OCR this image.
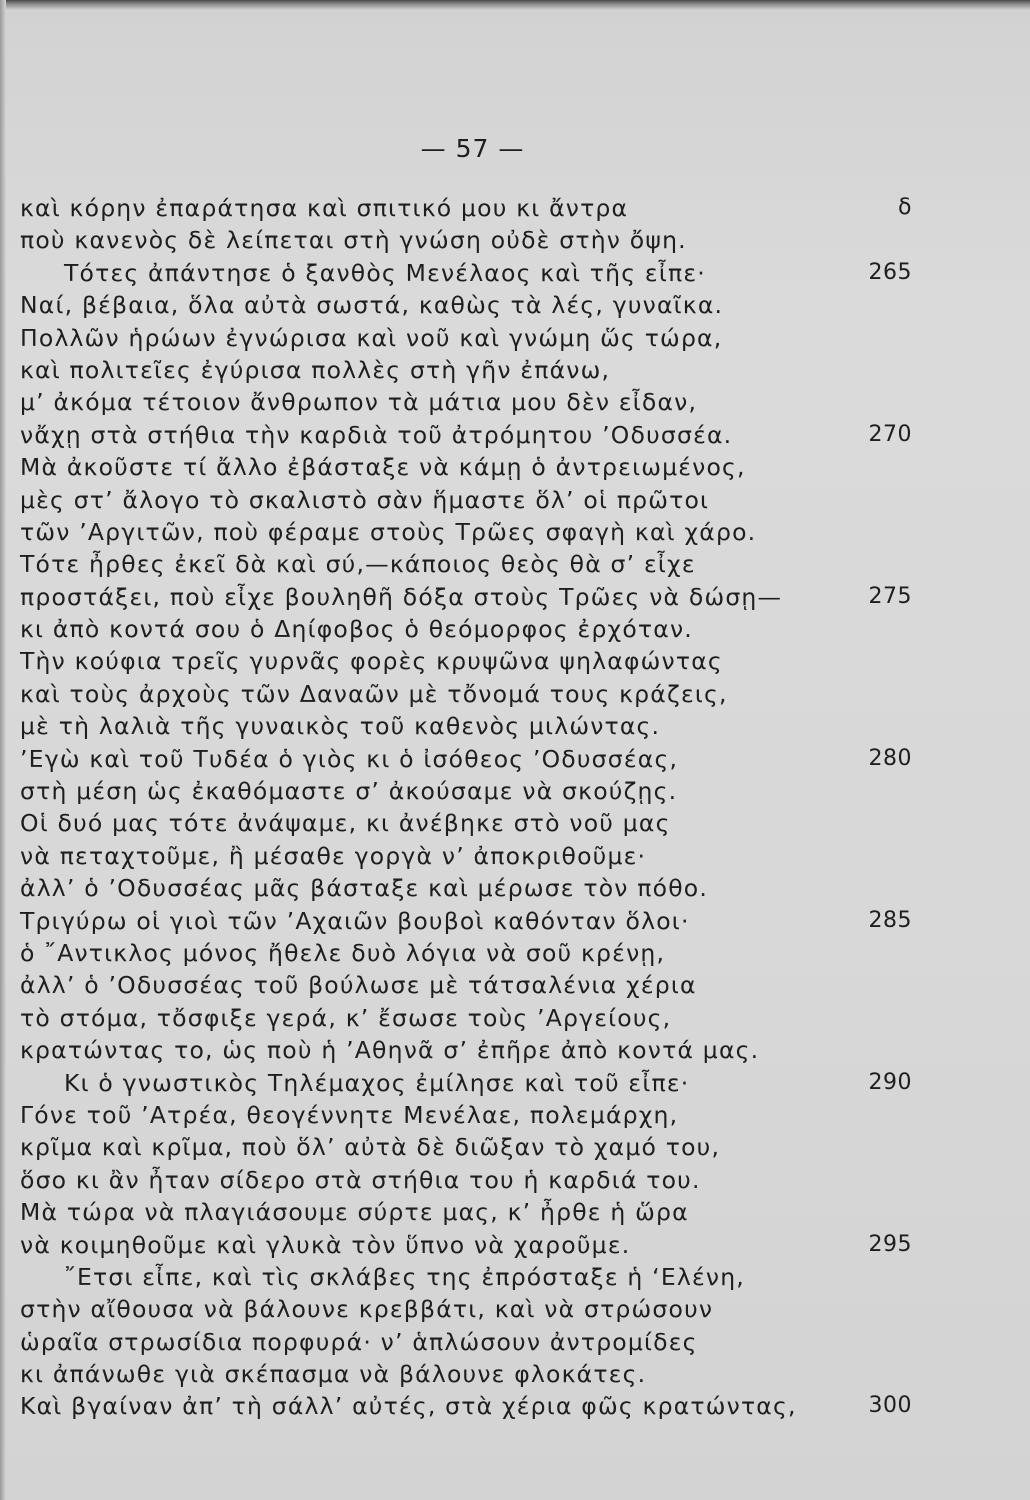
— 57 —
καὶ κόρην ἐπαράτησα καὶ σπιτικό μου κι ἄντρα	δ
ποὺ κανενὸς δὲ λείπεται στὴ γνώση οὐδὲ στὴν ὄψη.
Τότες ἀπάντησε ὁ ξανθὸς Μενέλαος καὶ τῆς εἶπε·	265
Ναί, βέβαια, ὅλα αὐτὰ σωστά, καθὼς τὰ λές, γυναῖκα.
Πολλῶν ἡρώων ἐγνώρισα καὶ νοῦ καὶ γνώμη ὥς τώρα,
καὶ πολιτεῖες ἐγύρισα πολλὲς στὴ γῆν ἐπάνω,
μ’ ἀκόμα τέτοιον ἄνθρωπον τὰ μάτια μου δὲν εἶδαν,
νἄχῃ στὰ στήθια τὴν καρδιὰ τοῦ ἀτρόμητου ’Οδυσσέα.	270
Μὰ ἀκοῦστε τί ἄλλο ἐβάσταξε νὰ κάμῃ ὁ ἀντρειωμένος,
μὲς στ’ ἄλογο τὸ σκαλιστὸ σὰν ἥμαστε ὅλ’ οἱ πρῶτοι
τῶν ’Αργιτῶν, ποὺ φέραμε στοὺς Τρῶες σφαγὴ καὶ χάρο.
Τότε ἦρθες ἐκεῖ δὰ καὶ σύ,—κάποιος θεὸς θὰ σ’ εἶχε
προστάξει, ποὺ εἶχε βουληθῆ δόξα στοὺς Τρῶες νὰ δώσῃ—	275
κι ἀπὸ κοντά σου ὁ Δηίφοβος ὁ θεόμορφος ἐρχόταν.
Τὴν κούφια τρεῖς γυρνᾶς φορὲς κρυψῶνα ψηλαφώντας
καὶ τοὺς ἀρχοὺς τῶν Δαναῶν μὲ τὄνομά τους κράζεις,
μὲ τὴ λαλιὰ τῆς γυναικὸς τοῦ καθενὸς μιλώντας.
’Εγὼ καὶ τοῦ Τυδέα ὁ γιὸς κι ὁ ἰσόθεος ’Οδυσσέας,	280
στὴ μέση ὡς ἐκαθόμαστε σ’ ἀκούσαμε νὰ σκούζῃς.
Οἱ δυό μας τότε ἀνάψαμε, κι ἀνέβηκε στὸ νοῦ μας
νὰ πεταχτοῦμε, ἢ μέσαθε γοργὰ ν’ ἀποκριθοῦμε·
ἀλλ’ ὁ ’Οδυσσέας μᾶς βάσταξε καὶ μέρωσε τὸν πόθο.
Τριγύρω οἱ γιοὶ τῶν ’Αχαιῶν βουβοὶ καθόνταν ὅλοι·	285
ὁ ῎Αντικλος μόνος ἤθελε δυὸ λόγια νὰ σοῦ κρένῃ,
ἀλλ’ ὁ ’Οδυσσέας τοῦ βούλωσε μὲ τάτσαλένια χέρια
τὸ στόμα, τὄσφιξε γερά, κ’ ἔσωσε τοὺς ’Αργείους,
κρατώντας το, ὡς ποὺ ἡ ’Αθηνᾶ σ’ ἐπῆρε ἀπὸ κοντά μας.
Κι ὁ γνωστικὸς Τηλέμαχος ἐμίλησε καὶ τοῦ εἶπε·	290
Γόνε τοῦ ’Ατρέα, θεογέννητε Μενέλαε, πολεμάρχη,
κρῖμα καὶ κρῖμα, ποὺ ὅλ’ αὐτὰ δὲ διῶξαν τὸ χαμό του,
ὅσο κι ἂν ἦταν σίδερο στὰ στήθια του ἡ καρδιά του.
Μὰ τώρα νὰ πλαγιάσουμε σύρτε μας, κ’ ἦρθε ἡ ὥρα
νὰ κοιμηθοῦμε καὶ γλυκὰ τὸν ὕπνο νὰ χαροῦμε.	295
῎Ετσι εἶπε, καὶ τὶς σκλάβες της ἐπρόσταξε ἡ ‘Ελένη,
στὴν αἴθουσα νὰ βάλουνε κρεββάτι, καὶ νὰ στρώσουν
ὡραῖα στρωσίδια πορφυρά· ν’ ἁπλώσουν ἀντρομίδες
κι ἀπάνωθε γιὰ σκέπασμα νὰ βάλουνε φλοκάτες.
Καὶ βγαίναν ἀπ’ τὴ σάλλ’ αὐτές, στὰ χέρια φῶς κρατώντας,	300
